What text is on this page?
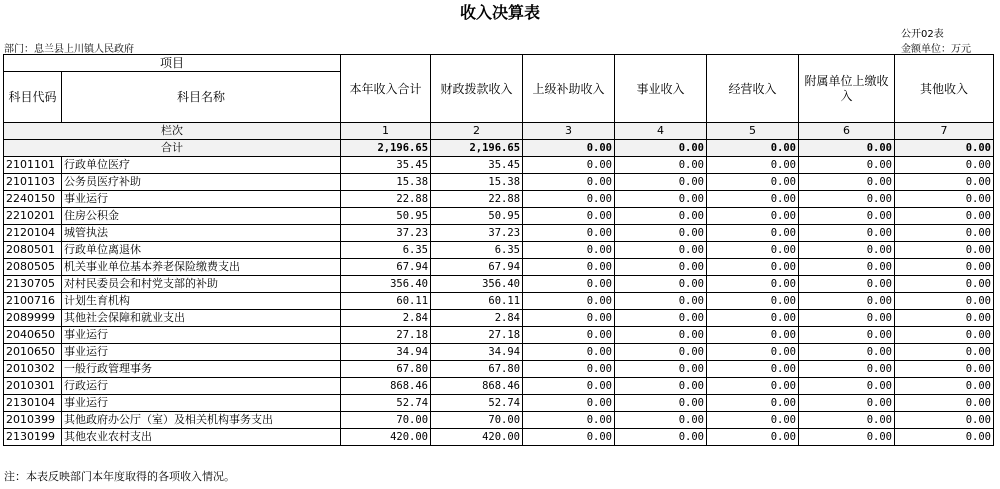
收入决算表
公开02表
部门：息兰县上川镇人民政府	金额单位：万元
项目		本年收入合计	财政拨款收入	上级补助收入	事业收入	经营收入	附属单位上缴收入	其他收入
科目代码	科目名称							
栏次		1	2	3	4	5	6	7
合计		2,196.65	2,196.65	0.00	0.00	0.00	0.00	0.00
2101101	行政单位医疗	35.45	35.45	0.00	0.00	0.00	0.00	0.00
2101103	公务员医疗补助	15.38	15.38	0.00	0.00	0.00	0.00	0.00
2240150	事业运行	22.88	22.88	0.00	0.00	0.00	0.00	0.00
2210201	住房公积金	50.95	50.95	0.00	0.00	0.00	0.00	0.00
2120104	城管执法	37.23	37.23	0.00	0.00	0.00	0.00	0.00
2080501	行政单位离退休	6.35	6.35	0.00	0.00	0.00	0.00	0.00
2080505	机关事业单位基本养老保险缴费支出	67.94	67.94	0.00	0.00	0.00	0.00	0.00
2130705	对村民委员会和村党支部的补助	356.40	356.40	0.00	0.00	0.00	0.00	0.00
2100716	计划生育机构	60.11	60.11	0.00	0.00	0.00	0.00	0.00
2089999	其他社会保障和就业支出	2.84	2.84	0.00	0.00	0.00	0.00	0.00
2040650	事业运行	27.18	27.18	0.00	0.00	0.00	0.00	0.00
2010650	事业运行	34.94	34.94	0.00	0.00	0.00	0.00	0.00
2010302	一般行政管理事务	67.80	67.80	0.00	0.00	0.00	0.00	0.00
2010301	行政运行	868.46	868.46	0.00	0.00	0.00	0.00	0.00
2130104	事业运行	52.74	52.74	0.00	0.00	0.00	0.00	0.00
2010399	其他政府办公厅（室）及相关机构事务支出	70.00	70.00	0.00	0.00	0.00	0.00	0.00
2130199	其他农业农村支出	420.00	420.00	0.00	0.00	0.00	0.00	0.00
注：本表反映部门本年度取得的各项收入情况。
